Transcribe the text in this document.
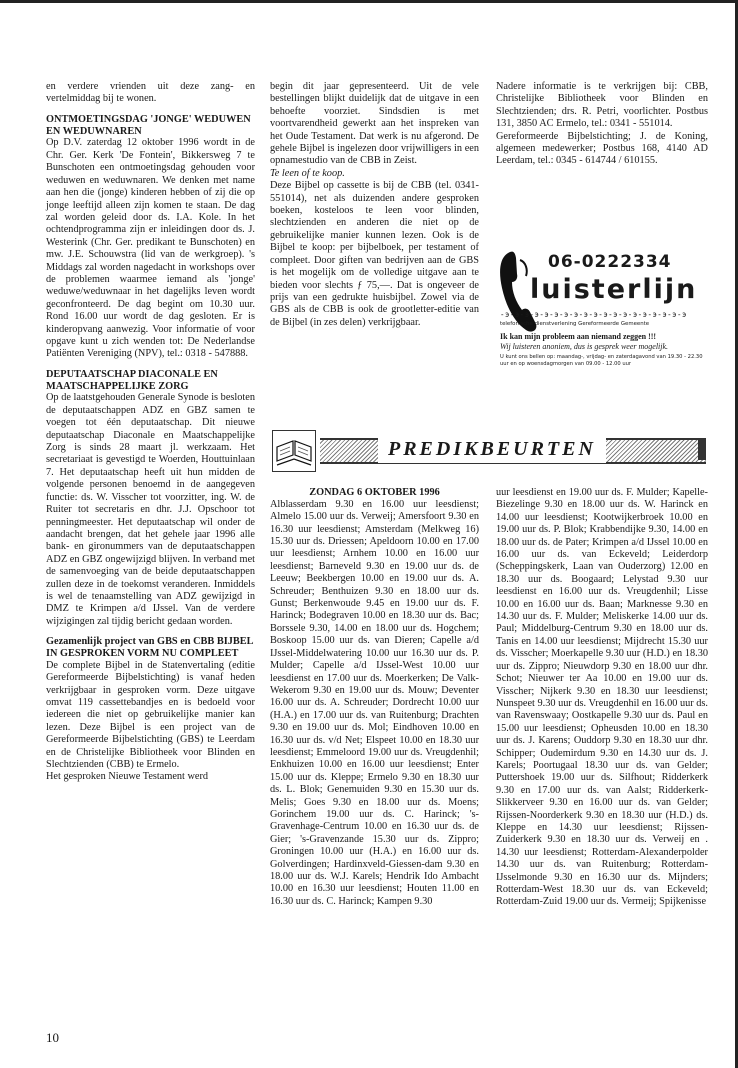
en verdere vrienden uit deze zang- en vertelmiddag bij te wonen.

ONTMOETINGSDAG 'JONGE' WEDUWEN EN WEDUWNAREN

Op D.V. zaterdag 12 oktober 1996 wordt in de Chr. Ger. Kerk 'De Fontein', Bikkersweg 7 te Bunschoten een ontmoetingsdag gehouden voor weduwen en weduwnaren. We denken met name aan hen die (jonge) kinderen hebben of zij die op jonge leeftijd alleen zijn komen te staan. De dag zal worden geleid door ds. I.A. Kole. In het ochtendprogramma zijn er inleidingen door ds. J. Westerink (Chr. Ger. predikant te Bunschoten) en mw. J.E. Schouwstra (lid van de werkgroep). 's Middags zal worden nagedacht in workshops over de problemen waarmee iemand als 'jonge' weduwe/weduwnaar in het dagelijks leven wordt geconfronteerd. De dag begint om 10.30 uur. Rond 16.00 uur wordt de dag gesloten. Er is kinderopvang aanwezig. Voor informatie of voor opgave kunt u zich wenden tot: De Nederlandse Patiënten Vereniging (NPV), tel.: 0318 - 547888.

DEPUTAATSCHAP DIACONALE EN MAATSCHAPPELIJKE ZORG

Op de laatstgehouden Generale Synode is besloten de deputaatschappen ADZ en GBZ samen te voegen tot één deputaatschap. Dit nieuwe deputaatschap Diaconale en Maatschappelijke Zorg is sinds 28 maart jl. werkzaam. Het secretariaat is gevestigd te Woerden, Houttuinlaan 7. Het deputaatschap heeft uit hun midden de volgende personen benoemd in de aangegeven functie: ds. W. Visscher tot voorzitter, ing. W. de Ruiter tot secretaris en dhr. J.J. Opschoor tot penningmeester. Het deputaatschap wil onder de aandacht brengen, dat het gehele jaar 1996 alle bank- en gironummers van de deputaatschappen ADZ en GBZ ongewijzigd blijven. In verband met de samenvoeging van de beide deputaatschappen zullen deze in de toekomst veranderen. Inmiddels is wel de tenaamstelling van ADZ gewijzigd in DMZ te Krimpen a/d IJssel. Van de verdere wijzigingen zal tijdig bericht gedaan worden.

Gezamenlijk project van GBS en CBB BIJBEL IN GESPROKEN VORM NU COMPLEET

De complete Bijbel in de Statenvertaling (editie Gereformeerde Bijbelstichting) is vanaf heden verkrijgbaar in gesproken vorm. Deze uitgave omvat 119 cassettebandjes en is bedoeld voor iedereen die niet op gebruikelijke manier kan lezen. Deze Bijbel is een project van de Gereformeerde Bijbelstichting (GBS) te Leerdam en de Christelijke Bibliotheek voor Blinden en Slechtzienden (CBB) te Ermelo.

Het gesproken Nieuwe Testament werd

begin dit jaar gepresenteerd. Uit de vele bestellingen blijkt duidelijk dat de uitgave in een behoefte voorziet. Sindsdien is met voortvarendheid gewerkt aan het inspreken van het Oude Testament. Dat werk is nu afgerond. De gehele Bijbel is ingelezen door vrijwilligers in een opnamestudio van de CBB in Zeist.

Te leen of te koop.

Deze Bijbel op cassette is bij de CBB (tel. 0341-551014), net als duizenden andere gesproken boeken, kosteloos te leen voor blinden, slechtzienden en anderen die niet op de gebruikelijke manier kunnen lezen. Ook is de Bijbel te koop: per bijbelboek, per testament of compleet. Door giften van bedrijven aan de GBS is het mogelijk om de volledige uitgave aan te bieden voor slechts ƒ 75,—. Dat is ongeveer de prijs van een gedrukte huisbijbel. Zowel via de GBS als de CBB is ook de grootletter-editie van de Bijbel (in zes delen) verkrijgbaar.

Nadere informatie is te verkrijgen bij: CBB, Christelijke Bibliotheek voor Blinden en Slechtzienden; drs. R. Petri, voorlichter. Postbus 131, 3850 AC Ermelo, tel.: 0341 - 551014.

Gereformeerde Bijbelstichting; J. de Koning, algemeen medewerker; Postbus 168, 4140 AD Leerdam, tel.: 0345 - 614744 / 610155.

06-0222334
luisterlijn
-э-э-э-э-э-э-э-э-э-э-э-э-э-э-э-э-э-э-э
telefonische dienstverlening Gereformeerde Gemeente
Ik kan mijn probleem aan niemand zeggen !!!
Wij luisteren anoniem, dus is gesprek weer mogelijk.
U kunt ons bellen op: maandag-, vrijdag- en zaterdagavond van 19.30 - 22.30 uur en op woensdagmorgen van 09.00 - 12.00 uur
PREDIKBEURTEN
ZONDAG 6 OKTOBER 1996

Alblasserdam 9.30 en 16.00 uur leesdienst; Almelo 15.00 uur ds. Verweij; Amersfoort 9.30 en 16.30 uur leesdienst; Amsterdam (Melkweg 16) 15.30 uur ds. Driessen; Apeldoorn 10.00 en 17.00 uur leesdienst; Arnhem 10.00 en 16.00 uur leesdienst; Barneveld 9.30 en 19.00 uur ds. de Leeuw; Beekbergen 10.00 en 19.00 uur ds. A. Schreuder; Benthuizen 9.30 en 18.00 uur ds. Gunst; Berkenwoude 9.45 en 19.00 uur ds. F. Harinck; Bodegraven 10.00 en 18.30 uur ds. Bac; Borssele 9.30, 14.00 en 18.00 uur ds. Hogchem; Boskoop 15.00 uur ds. van Dieren; Capelle a/d IJssel-Middelwatering 10.00 uur 16.30 uur ds. P. Mulder; Capelle a/d IJssel-West 10.00 uur leesdienst en 17.00 uur ds. Moerkerken; De Valk-Wekerom 9.30 en 19.00 uur ds. Mouw; Deventer 16.00 uur ds. A. Schreuder; Dordrecht 10.00 uur (H.A.) en 17.00 uur ds. van Ruitenburg; Drachten 9.30 en 19.00 uur ds. Mol; Eindhoven 10.00 en 16.30 uur ds. v/d Net; Elspeet 10.00 en 18.30 uur leesdienst; Emmeloord 19.00 uur ds. Vreugdenhil; Enkhuizen 10.00 en 16.00 uur leesdienst; Enter 15.00 uur ds. Kleppe; Ermelo 9.30 en 18.30 uur ds. L. Blok; Genemuiden 9.30 en 15.30 uur ds. Melis; Goes 9.30 en 18.00 uur ds. Moens; Gorinchem 19.00 uur ds. C. Harinck; 's-Gravenhage-Centrum 10.00 en 16.30 uur ds. de Gier; 's-Gravenzande 15.30 uur ds. Zippro; Groningen 10.00 uur (H.A.) en 16.00 uur ds. Golverdingen; Hardinxveld-Giessen-dam 9.30 en 18.00 uur ds. W.J. Karels; Hendrik Ido Ambacht 10.00 en 16.30 uur leesdienst; Houten 11.00 en 16.30 uur ds. C. Harinck; Kampen 9.30

uur leesdienst en 19.00 uur ds. F. Mulder; Kapelle-Biezelinge 9.30 en 18.00 uur ds. W. Harinck en 14.00 uur leesdienst; Kootwijkerbroek 10.00 en 19.00 uur ds. P. Blok; Krabbendijke 9.30, 14.00 en 18.00 uur ds. de Pater; Krimpen a/d IJssel 10.00 en 16.00 uur ds. van Eckeveld; Leiderdorp (Scheppingskerk, Laan van Ouderzorg) 12.00 en 18.30 uur ds. Boogaard; Lelystad 9.30 uur leesdienst en 16.00 uur ds. Vreugdenhil; Lisse 10.00 en 16.00 uur ds. Baan; Marknesse 9.30 en 14.30 uur ds. F. Mulder; Meliskerke 14.00 uur ds. Paul; Middelburg-Centrum 9.30 en 18.00 uur ds. Tanis en 14.00 uur leesdienst; Mijdrecht 15.30 uur ds. Visscher; Moerkapelle 9.30 uur (H.D.) en 18.30 uur ds. Zippro; Nieuwdorp 9.30 en 18.00 uur dhr. Schot; Nieuwer ter Aa 10.00 en 19.00 uur ds. Visscher; Nijkerk 9.30 en 18.30 uur leesdienst; Nunspeet 9.30 uur ds. Vreugdenhil en 16.00 uur ds. van Ravenswaay; Oostkapelle 9.30 uur ds. Paul en 15.00 uur leesdienst; Opheusden 10.00 en 18.30 uur ds. J. Karens; Ouddorp 9.30 en 18.30 uur dhr. Schipper; Oudemirdum 9.30 en 14.30 uur ds. J. Karels; Poortugaal 18.30 uur ds. van Gelder; Puttershoek 19.00 uur ds. Silfhout; Ridderkerk 9.30 en 17.00 uur ds. van Aalst; Ridderkerk-Slikkerveer 9.30 en 16.00 uur ds. van Gelder; Rijssen-Noorderkerk 9.30 en 18.30 uur (H.D.) ds. Kleppe en 14.30 uur leesdienst; Rijssen-Zuiderkerk 9.30 en 18.30 uur ds. Verweij en . 14.30 uur leesdienst; Rotterdam-Alexanderpolder 14.30 uur ds. van Ruitenburg; Rotterdam-IJsselmonde 9.30 en 16.30 uur ds. Mijnders; Rotterdam-West 18.30 uur ds. van Eckeveld; Rotterdam-Zuid 19.00 uur ds. Vermeij; Spijkenisse

10
